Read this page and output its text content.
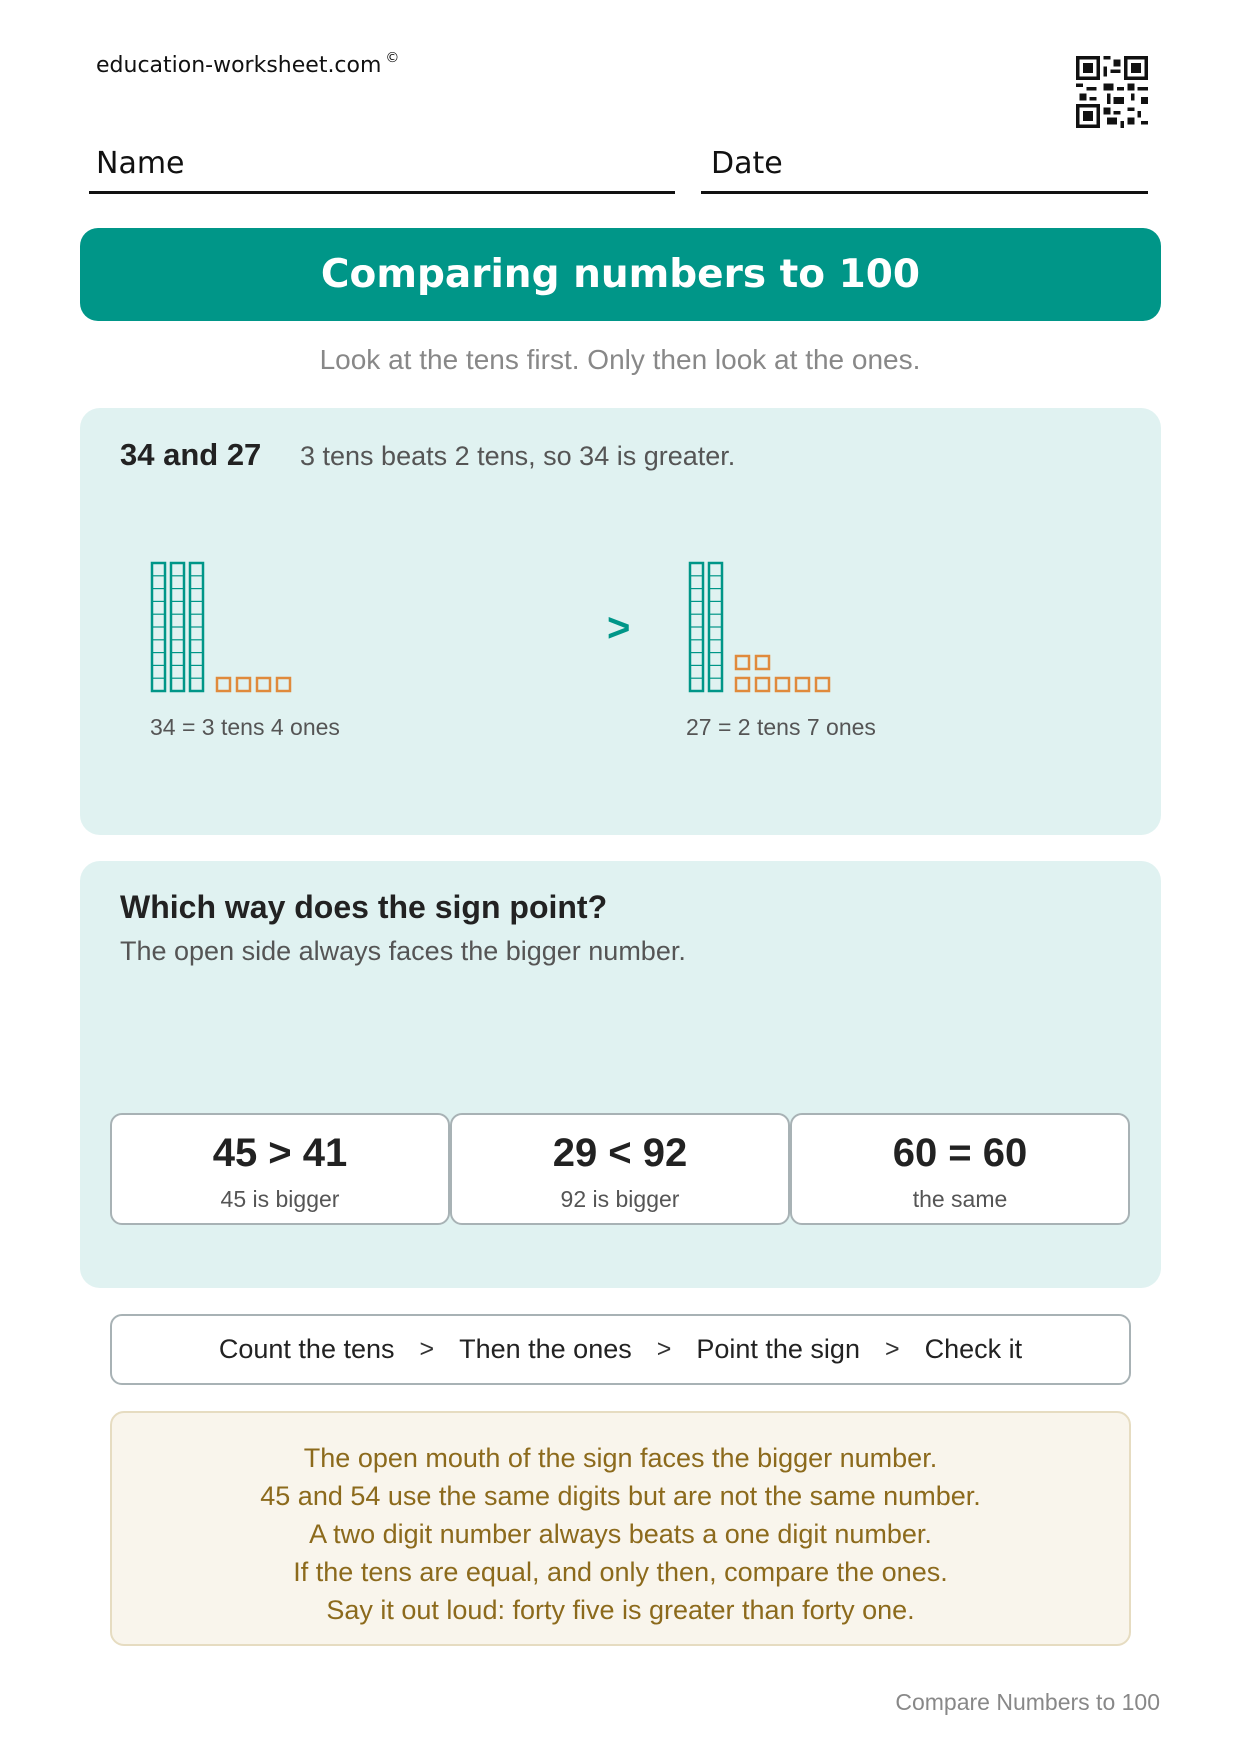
education-worksheet.com ©
Name	Date
Comparing numbers to 100
Look at the tens first. Only then look at the ones.
34 and 27 3 tens beats 2 tens, so 34 is greater.
>
34 = 3 tens 4 ones	27 = 2 tens 7 ones
Which way does the sign point?
The open side always faces the bigger number.
45 > 41
45 is bigger
29 < 92
92 is bigger
60 = 60
the same
Count the tens > Then the ones > Point the sign > Check it
The open mouth of the sign faces the bigger number.
45 and 54 use the same digits but are not the same number.
A two digit number always beats a one digit number.
If the tens are equal, and only then, compare the ones.
Say it out loud: forty five is greater than forty one.
Compare Numbers to 100
